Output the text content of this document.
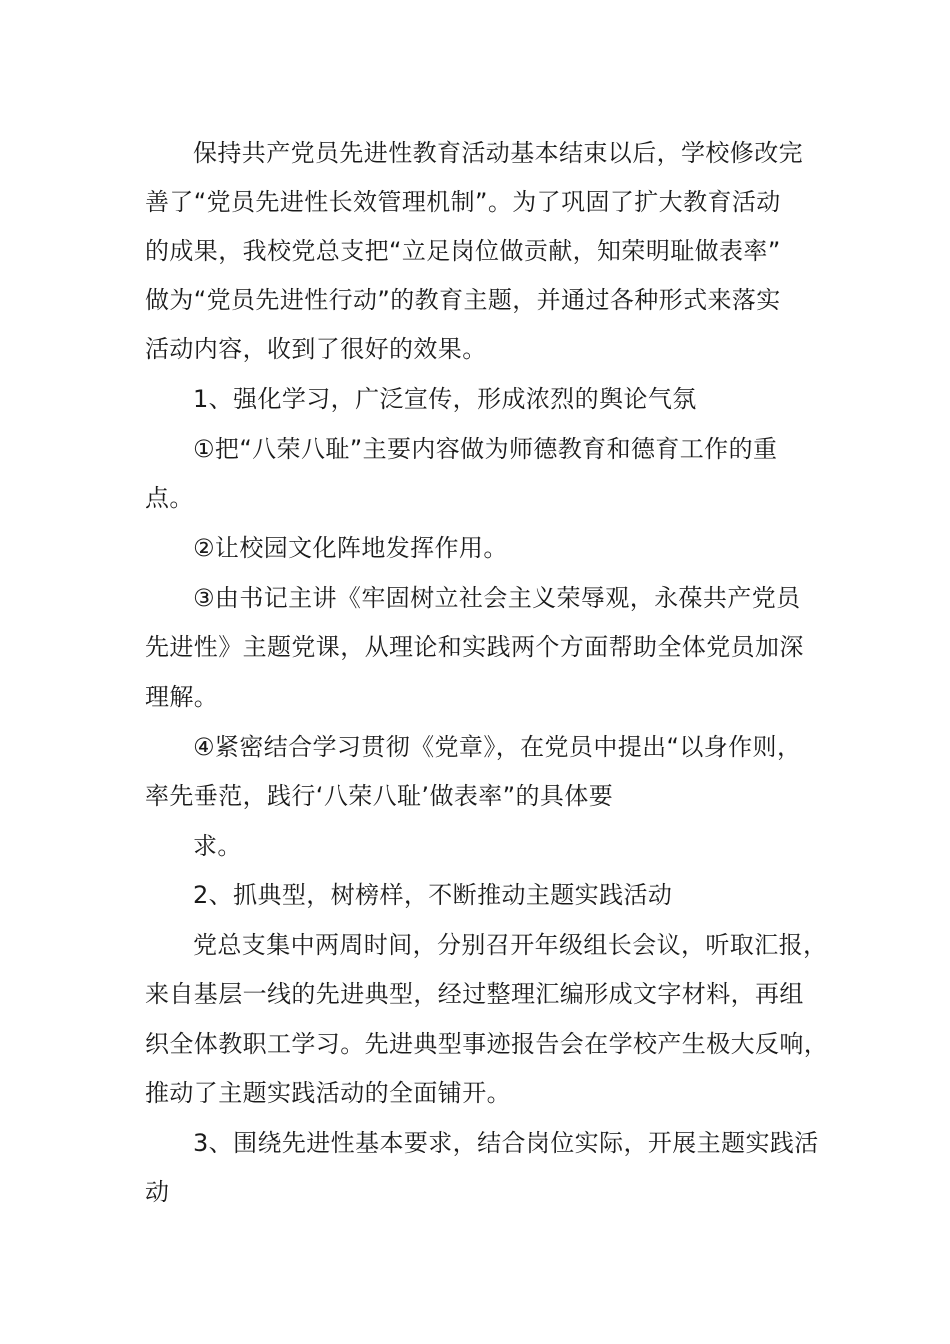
保持共产党员先进性教育活动基本结束以后，学校修改完
善了“党员先进性长效管理机制”。为了巩固了扩大教育活动
的成果，我校党总支把“立足岗位做贡献，知荣明耻做表率”
做为“党员先进性行动”的教育主题，并通过各种形式来落实
活动内容，收到了很好的效果。
1、强化学习，广泛宣传，形成浓烈的舆论气氛
①把“八荣八耻”主要内容做为师德教育和德育工作的重
点。
②让校园文化阵地发挥作用。
③由书记主讲《牢固树立社会主义荣辱观，永葆共产党员
先进性》主题党课，从理论和实践两个方面帮助全体党员加深
理解。
④紧密结合学习贯彻《党章》，在党员中提出“以身作则，
率先垂范，践行‘八荣八耻’做表率”的具体要
求。
2、抓典型，树榜样，不断推动主题实践活动
党总支集中两周时间，分别召开年级组长会议，听取汇报，
来自基层一线的先进典型，经过整理汇编形成文字材料，再组
织全体教职工学习。先进典型事迹报告会在学校产生极大反响，
推动了主题实践活动的全面铺开。
3、围绕先进性基本要求，结合岗位实际，开展主题实践活
动
